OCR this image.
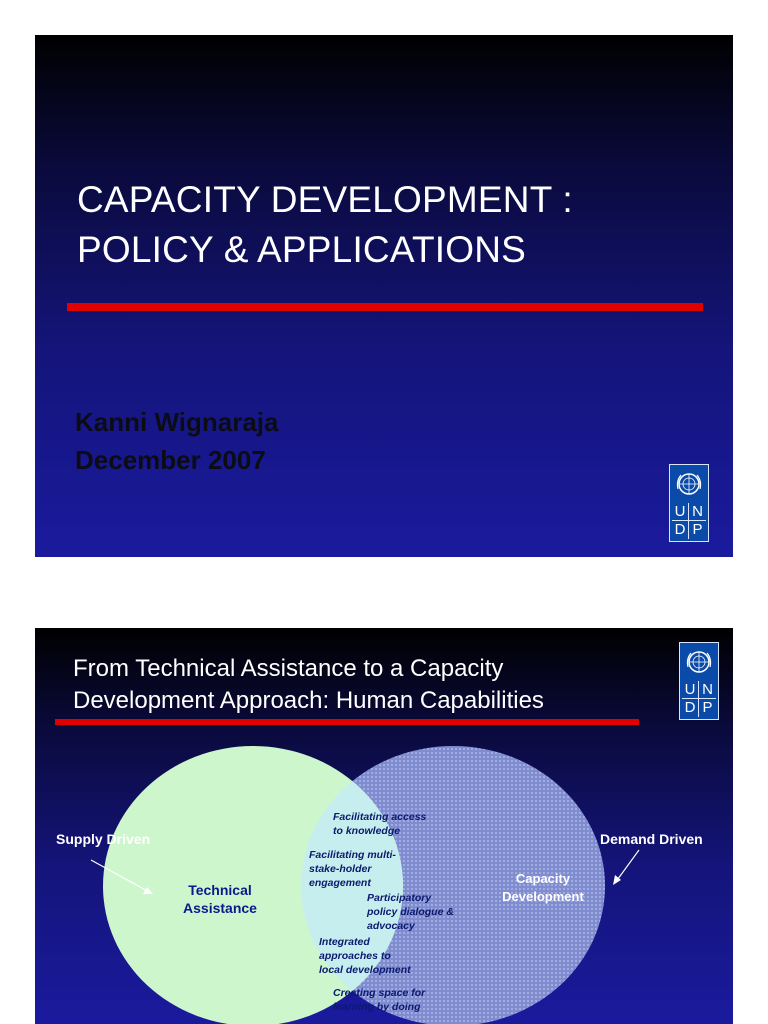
CAPACITY DEVELOPMENT :
POLICY & APPLICATIONS
Kanni Wignaraja
December 2007
U N
D P
From Technical Assistance to a Capacity
Development Approach: Human Capabilities	U N
D P
Supply Driven	Demand Driven
Technical
Assistance
Capacity
Development
Facilitating access
to knowledge
Facilitating multi-
stake-holder
engagement
Participatory
policy dialogue &
advocacy
Integrated
approaches to
local development
Creating space for
learning by doing
